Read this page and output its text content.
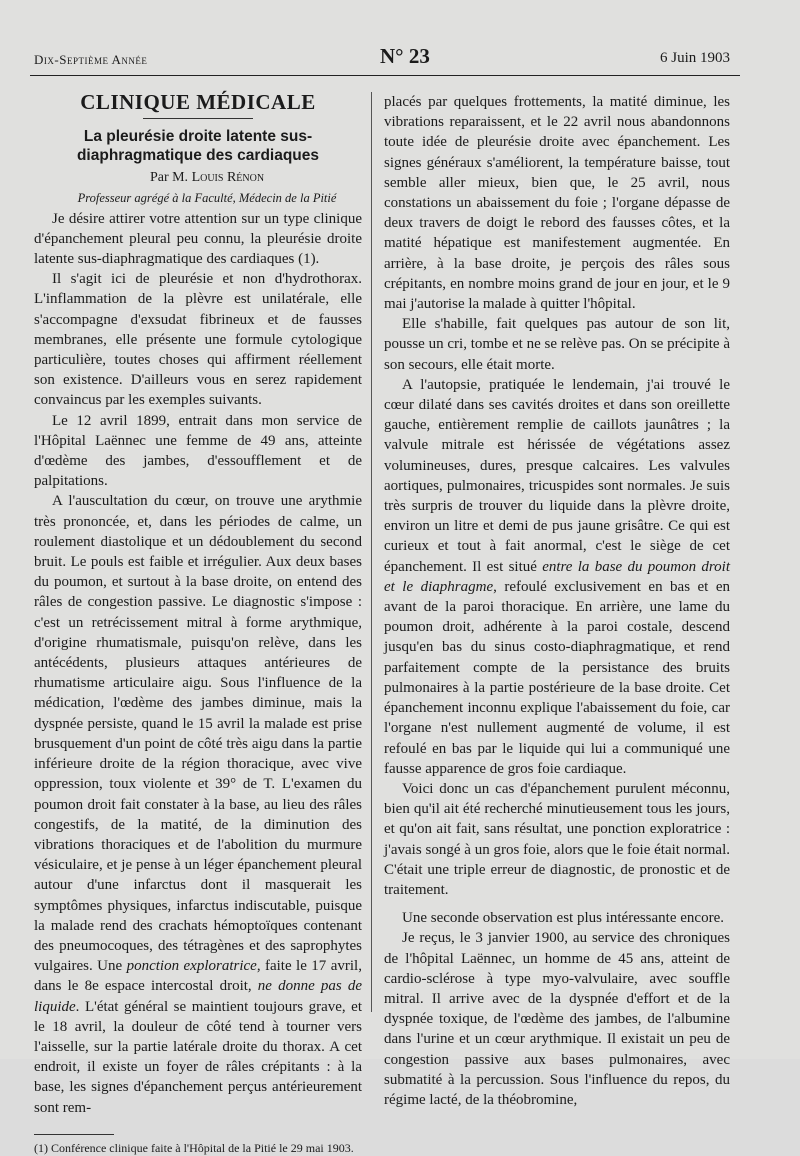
Dix-Septième Année	N° 23	6 Juin 1903
CLINIQUE MÉDICALE
La pleurésie droite latente sus-diaphragmatique des cardiaques

Par M. Louis Rénon

Professeur agrégé à la Faculté, Médecin de la Pitié

Je désire attirer votre attention sur un type clinique d'épanchement pleural peu connu, la pleurésie droite latente sus-diaphragmatique des cardiaques (1).

Il s'agit ici de pleurésie et non d'hydrothorax. L'inflammation de la plèvre est unilatérale, elle s'accompagne d'exsudat fibrineux et de fausses membranes, elle présente une formule cytologique particulière, toutes choses qui affirment réellement son existence. D'ailleurs vous en serez rapidement convaincus par les exemples suivants.

Le 12 avril 1899, entrait dans mon service de l'Hôpital Laënnec une femme de 49 ans, atteinte d'œdème des jambes, d'essoufflement et de palpitations.

A l'auscultation du cœur, on trouve une arythmie très prononcée, et, dans les périodes de calme, un roulement diastolique et un dédoublement du second bruit. Le pouls est faible et irrégulier. Aux deux bases du poumon, et surtout à la base droite, on entend des râles de congestion passive. Le diagnostic s'impose : c'est un retrécissement mitral à forme arythmique, d'origine rhumatismale, puisqu'on relève, dans les antécédents, plusieurs attaques antérieures de rhumatisme articulaire aigu. Sous l'influence de la médication, l'œdème des jambes diminue, mais la dyspnée persiste, quand le 15 avril la malade est prise brusquement d'un point de côté très aigu dans la partie inférieure droite de la région thoracique, avec vive oppression, toux violente et 39° de T. L'examen du poumon droit fait constater à la base, au lieu des râles congestifs, de la matité, de la diminution des vibrations thoraciques et de l'abolition du murmure vésiculaire, et je pense à un léger épanchement pleural autour d'une infarctus dont il masquerait les symptômes physiques, infarctus indiscutable, puisque la malade rend des crachats hémoptoïques contenant des pneumocoques, des tétragènes et des saprophytes vulgaires. Une ponction exploratrice, faite le 17 avril, dans le 8e espace intercostal droit, ne donne pas de liquide. L'état général se maintient toujours grave, et le 18 avril, la douleur de côté tend à tourner vers l'aisselle, sur la partie latérale droite du thorax. A cet endroit, il existe un foyer de râles crépitants : à la base, les signes d'épanchement perçus antérieurement sont rem-

(1) Conférence clinique faite à l'Hôpital de la Pitié le 29 mai 1903.

placés par quelques frottements, la matité diminue, les vibrations reparaissent, et le 22 avril nous abandonnons toute idée de pleurésie droite avec épanchement. Les signes généraux s'améliorent, la température baisse, tout semble aller mieux, bien que, le 25 avril, nous constations un abaissement du foie ; l'organe dépasse de deux travers de doigt le rebord des fausses côtes, et la matité hépatique est manifestement augmentée. En arrière, à la base droite, je perçois des râles sous crépitants, en nombre moins grand de jour en jour, et le 9 mai j'autorise la malade à quitter l'hôpital.

Elle s'habille, fait quelques pas autour de son lit, pousse un cri, tombe et ne se relève pas. On se précipite à son secours, elle était morte.

A l'autopsie, pratiquée le lendemain, j'ai trouvé le cœur dilaté dans ses cavités droites et dans son oreillette gauche, entièrement remplie de caillots jaunâtres ; la valvule mitrale est hérissée de végétations assez volumineuses, dures, presque calcaires. Les valvules aortiques, pulmonaires, tricuspides sont normales. Je suis très surpris de trouver du liquide dans la plèvre droite, environ un litre et demi de pus jaune grisâtre. Ce qui est curieux et tout à fait anormal, c'est le siège de cet épanchement. Il est situé entre la base du poumon droit et le diaphragme, refoulé exclusivement en bas et en avant de la paroi thoracique. En arrière, une lame du poumon droit, adhérente à la paroi costale, descend jusqu'en bas du sinus costo-diaphragmatique, et rend parfaitement compte de la persistance des bruits pulmonaires à la partie postérieure de la base droite. Cet épanchement inconnu explique l'abaissement du foie, car l'organe n'est nullement augmenté de volume, il est refoulé en bas par le liquide qui lui a communiqué une fausse apparence de gros foie cardiaque.

Voici donc un cas d'épanchement purulent méconnu, bien qu'il ait été recherché minutieusement tous les jours, et qu'on ait fait, sans résultat, une ponction exploratrice : j'avais songé à un gros foie, alors que le foie était normal. C'était une triple erreur de diagnostic, de pronostic et de traitement.

Une seconde observation est plus intéressante encore.

Je reçus, le 3 janvier 1900, au service des chroniques de l'hôpital Laënnec, un homme de 45 ans, atteint de cardio-sclérose à type myo-valvulaire, avec souffle mitral. Il arrive avec de la dyspnée d'effort et de la dyspnée toxique, de l'œdème des jambes, de l'albumine dans l'urine et un cœur arythmique. Il existait un peu de congestion passive aux bases pulmonaires, avec submatité à la percussion. Sous l'influence du repos, du régime lacté, de la théobromine,
